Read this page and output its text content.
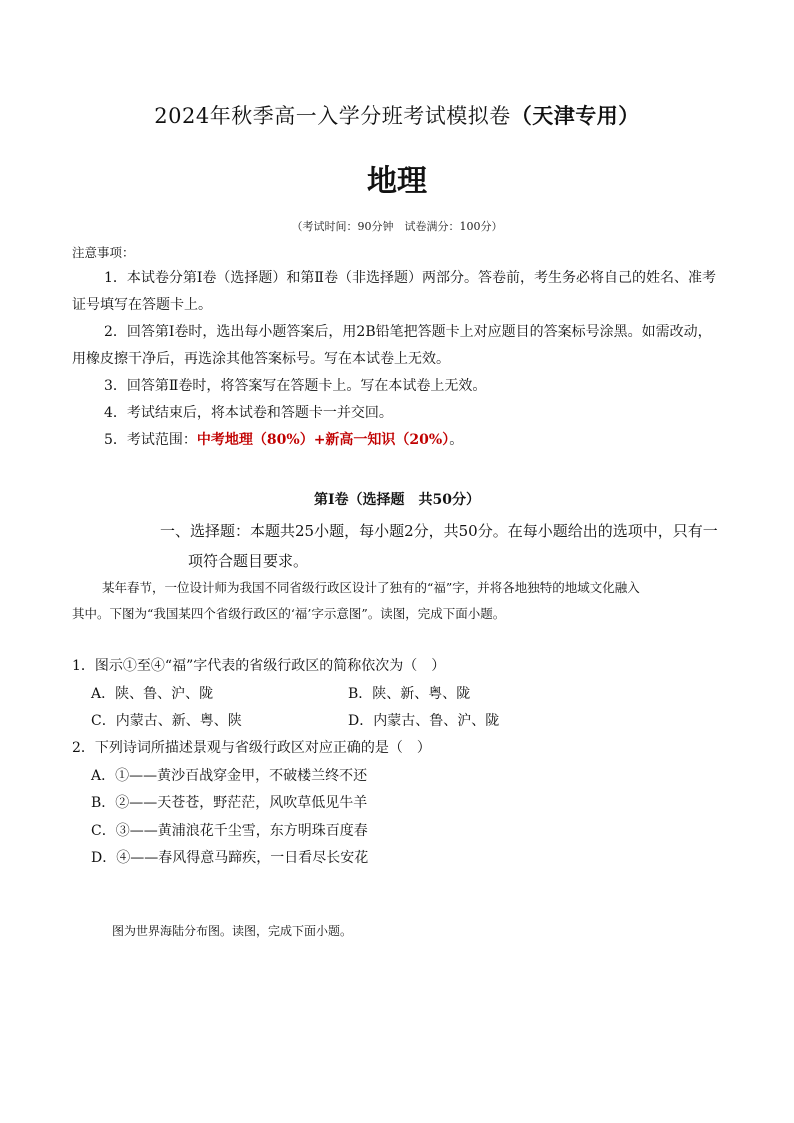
2024年秋季高一入学分班考试模拟卷（天津专用）
地理
（考试时间：90分钟　试卷满分：100分）
注意事项：
1．本试卷分第Ⅰ卷（选择题）和第Ⅱ卷（非选择题）两部分。答卷前，考生务必将自己的姓名、准考
证号填写在答题卡上。
2．回答第Ⅰ卷时，选出每小题答案后，用2B铅笔把答题卡上对应题目的答案标号涂黑。如需改动，
用橡皮擦干净后，再选涂其他答案标号。写在本试卷上无效。
3．回答第Ⅱ卷时，将答案写在答题卡上。写在本试卷上无效。
4．考试结束后，将本试卷和答题卡一并交回。
5．考试范围：中考地理（80%）+新高一知识（20%）。
第Ⅰ卷（选择题　共50分）
一、选择题：本题共25小题，每小题2分，共50分。在每小题给出的选项中，只有一
项符合题目要求。
某年春节，一位设计师为我国不同省级行政区设计了独有的“福”字，并将各地独特的地域文化融入
其中。下图为“我国某四个省级行政区的‘福’字示意图”。读图，完成下面小题。
1．图示①至④“福”字代表的省级行政区的简称依次为（　）
A．陕、鲁、沪、陇	B．陕、新、粤、陇
C．内蒙古、新、粤、陕	D．内蒙古、鲁、沪、陇
2．下列诗词所描述景观与省级行政区对应正确的是（　）
A．①——黄沙百战穿金甲，不破楼兰终不还
B．②——天苍苍，野茫茫，风吹草低见牛羊
C．③——黄浦浪花千尘雪，东方明珠百度春
D．④——春风得意马蹄疾，一日看尽长安花
图为世界海陆分布图。读图，完成下面小题。
